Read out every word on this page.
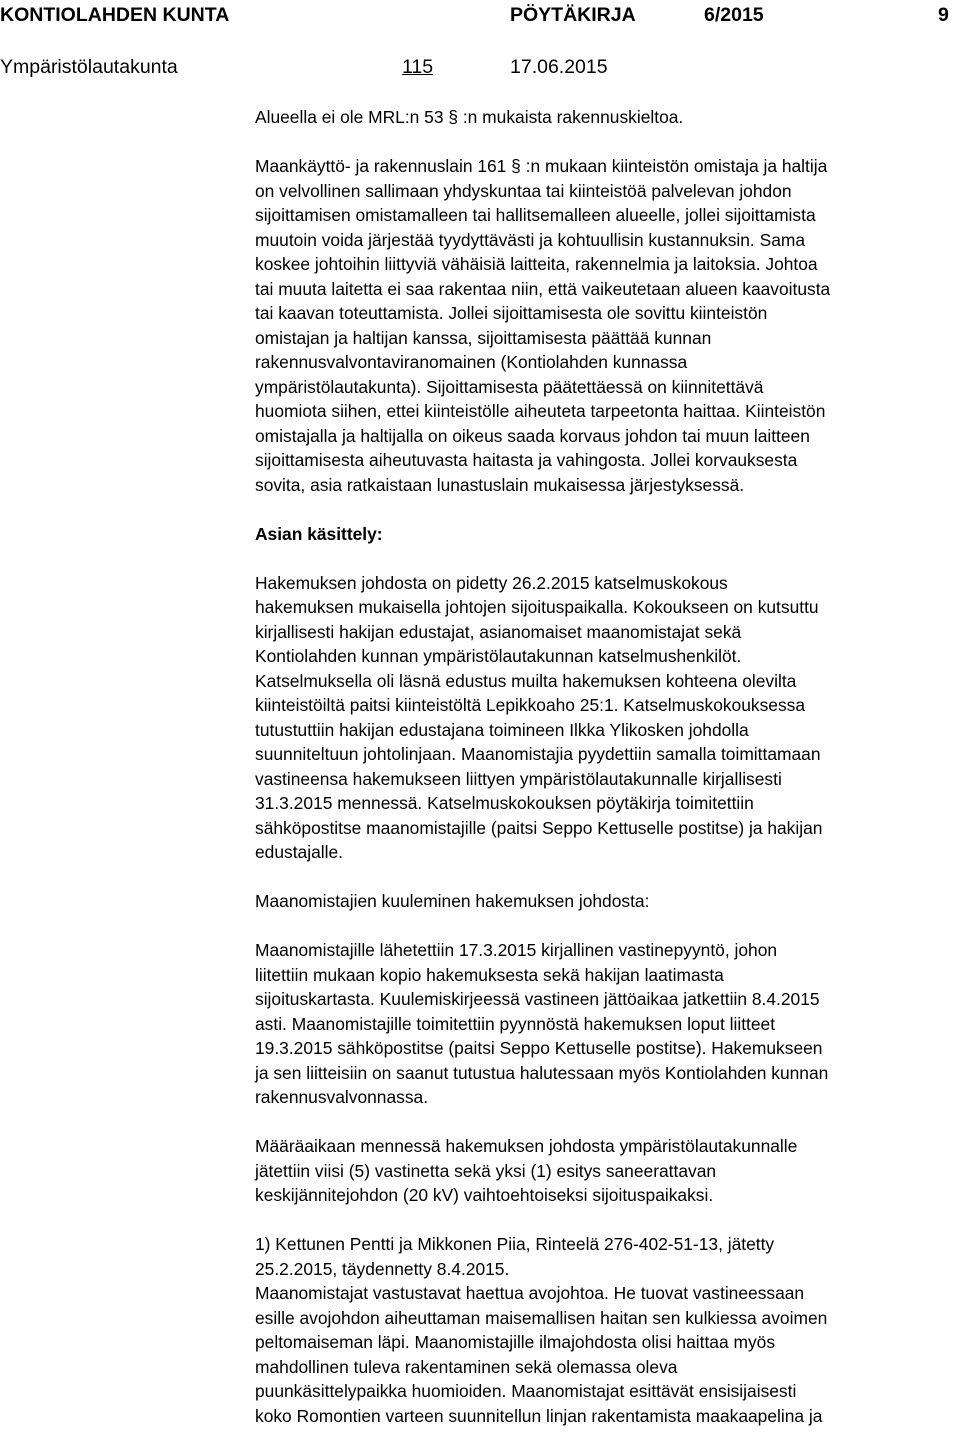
KONTIOLAHDEN KUNTA	PÖYTÄKIRJA	6/2015	9
Ympäristölautakunta	115	17.06.2015

Alueella ei ole MRL:n 53 § :n mukaista rakennuskieltoa.

Maankäyttö- ja rakennuslain 161 § :n mukaan kiinteistön omistaja ja haltija

on velvollinen sallimaan yhdyskuntaa tai kiinteistöä palvelevan johdon

sijoittamisen omistamalleen tai hallitsemalleen alueelle, jollei sijoittamista

muutoin voida järjestää tyydyttävästi ja kohtuullisin kustannuksin. Sama

koskee johtoihin liittyviä vähäisiä laitteita, rakennelmia ja laitoksia. Johtoa

tai muuta laitetta ei saa rakentaa niin, että vaikeutetaan alueen kaavoitusta

tai kaavan toteuttamista. Jollei sijoittamisesta ole sovittu kiinteistön

omistajan ja haltijan kanssa, sijoittamisesta päättää kunnan

rakennusvalvontaviranomainen (Kontiolahden kunnassa

ympäristölautakunta). Sijoittamisesta päätettäessä on kiinnitettävä

huomiota siihen, ettei kiinteistölle aiheuteta tarpeetonta haittaa. Kiinteistön

omistajalla ja haltijalla on oikeus saada korvaus johdon tai muun laitteen

sijoittamisesta aiheutuvasta haitasta ja vahingosta. Jollei korvauksesta

sovita, asia ratkaistaan lunastuslain mukaisessa järjestyksessä.

Asian käsittely:

Hakemuksen johdosta on pidetty 26.2.2015 katselmuskokous

hakemuksen mukaisella johtojen sijoituspaikalla. Kokoukseen on kutsuttu

kirjallisesti hakijan edustajat, asianomaiset maanomistajat sekä

Kontiolahden kunnan ympäristölautakunnan katselmushenkilöt.

Katselmuksella oli läsnä edustus muilta hakemuksen kohteena olevilta

kiinteistöiltä paitsi kiinteistöltä Lepikkoaho 25:1. Katselmuskokouksessa

tutustuttiin hakijan edustajana toimineen Ilkka Ylikosken johdolla

suunniteltuun johtolinjaan. Maanomistajia pyydettiin samalla toimittamaan

vastineensa hakemukseen liittyen ympäristölautakunnalle kirjallisesti

31.3.2015 mennessä. Katselmuskokouksen pöytäkirja toimitettiin

sähköpostitse maanomistajille (paitsi Seppo Kettuselle postitse) ja hakijan

edustajalle.

Maanomistajien kuuleminen hakemuksen johdosta:

Maanomistajille lähetettiin 17.3.2015 kirjallinen vastinepyyntö, johon

liitettiin mukaan kopio hakemuksesta sekä hakijan laatimasta

sijoituskartasta. Kuulemiskirjeessä vastineen jättöaikaa jatkettiin 8.4.2015

asti. Maanomistajille toimitettiin pyynnöstä hakemuksen loput liitteet

19.3.2015 sähköpostitse (paitsi Seppo Kettuselle postitse). Hakemukseen

ja sen liitteisiin on saanut tutustua halutessaan myös Kontiolahden kunnan

rakennusvalvonnassa.

Määräaikaan mennessä hakemuksen johdosta ympäristölautakunnalle

jätettiin viisi (5) vastinetta sekä yksi (1) esitys saneerattavan

keskijännitejohdon (20 kV) vaihtoehtoiseksi sijoituspaikaksi.

1) Kettunen Pentti ja Mikkonen Piia, Rinteelä 276-402-51-13, jätetty

25.2.2015, täydennetty 8.4.2015.

Maanomistajat vastustavat haettua avojohtoa. He tuovat vastineessaan

esille avojohdon aiheuttaman maisemallisen haitan sen kulkiessa avoimen

peltomaiseman läpi. Maanomistajille ilmajohdosta olisi haittaa myös

mahdollinen tuleva rakentaminen sekä olemassa oleva

puunkäsittelypaikka huomioiden. Maanomistajat esittävät ensisijaisesti

koko Romontien varteen suunnitellun linjan rakentamista maakaapelina ja
